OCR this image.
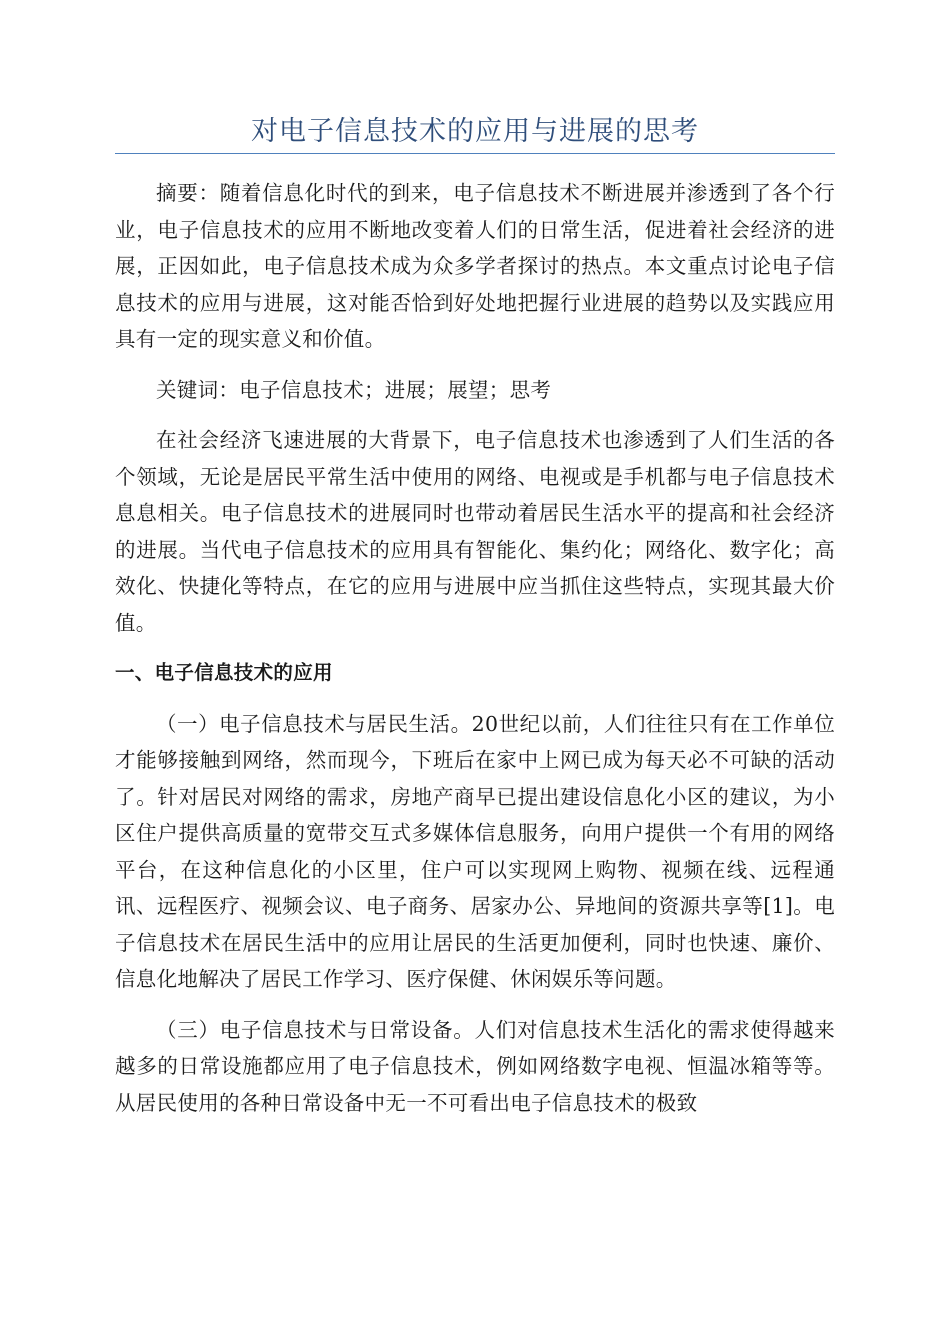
对电子信息技术的应用与进展的思考

摘要：随着信息化时代的到来，电子信息技术不断进展并渗透到了各个行业，电子信息技术的应用不断地改变着人们的日常生活，促进着社会经济的进展，正因如此，电子信息技术成为众多学者探讨的热点。本文重点讨论电子信息技术的应用与进展，这对能否恰到好处地把握行业进展的趋势以及实践应用具有一定的现实意义和价值。

关键词：电子信息技术；进展；展望；思考

在社会经济飞速进展的大背景下，电子信息技术也渗透到了人们生活的各个领域，无论是居民平常生活中使用的网络、电视或是手机都与电子信息技术息息相关。电子信息技术的进展同时也带动着居民生活水平的提高和社会经济的进展。当代电子信息技术的应用具有智能化、集约化；网络化、数字化；高效化、快捷化等特点，在它的应用与进展中应当抓住这些特点，实现其最大价值。

一、电子信息技术的应用

（一）电子信息技术与居民生活。20世纪以前，人们往往只有在工作单位才能够接触到网络，然而现今，下班后在家中上网已成为每天必不可缺的活动了。针对居民对网络的需求，房地产商早已提出建设信息化小区的建议，为小区住户提供高质量的宽带交互式多媒体信息服务，向用户提供一个有用的网络平台，在这种信息化的小区里，住户可以实现网上购物、视频在线、远程通讯、远程医疗、视频会议、电子商务、居家办公、异地间的资源共享等[1]。电子信息技术在居民生活中的应用让居民的生活更加便利，同时也快速、廉价、信息化地解决了居民工作学习、医疗保健、休闲娱乐等问题。

（三）电子信息技术与日常设备。人们对信息技术生活化的需求使得越来越多的日常设施都应用了电子信息技术，例如网络数字电视、恒温冰箱等等。从居民使用的各种日常设备中无一不可看出电子信息技术的极致
